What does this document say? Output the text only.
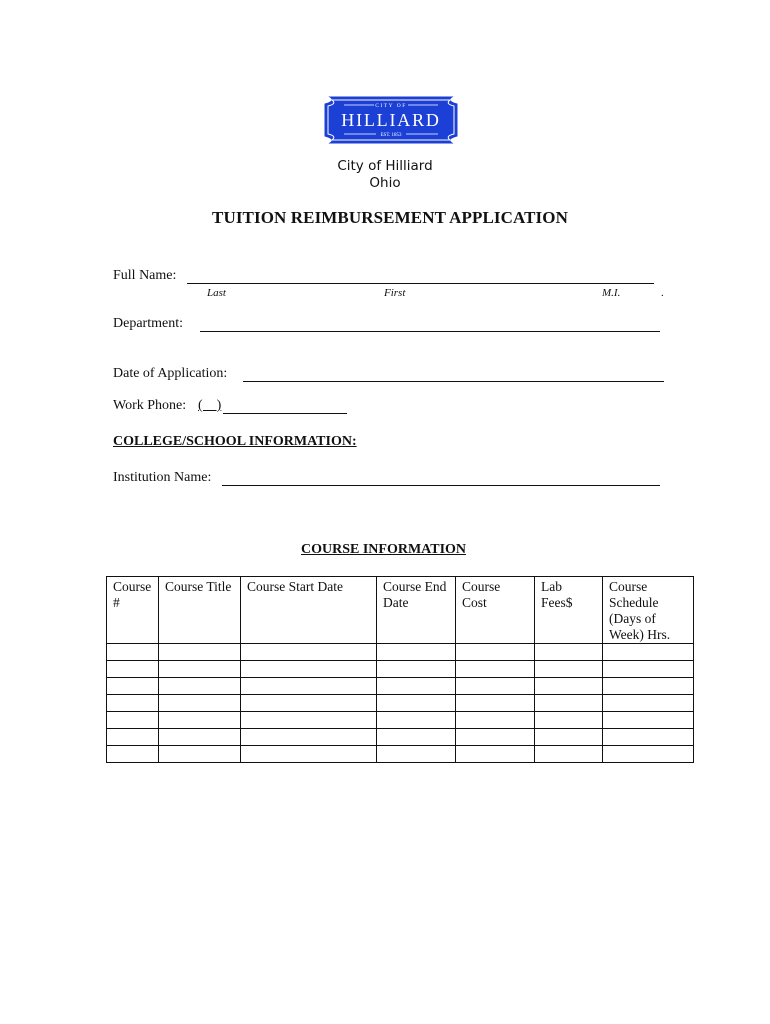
CITY OF
HILLIARD
EST. 1853
City of Hilliard
Ohio
TUITION REIMBURSEMENT APPLICATION
Full Name:
Last	First	M.I.	.
Department:
Date of Application:
Work Phone: (    )
COLLEGE/SCHOOL INFORMATION:
Institution Name:
COURSE INFORMATION
Course #	Course Title	Course Start Date	Course End Date	Course Cost	Lab Fees$	Course Schedule (Days of Week) Hrs.
